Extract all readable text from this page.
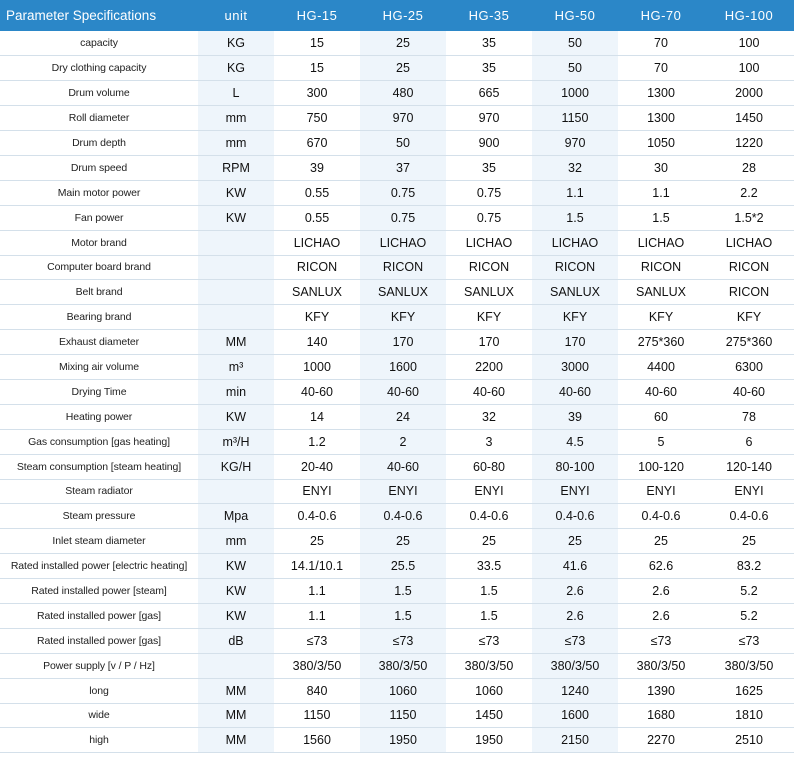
Parameter Specifications	unit	HG-15	HG-25	HG-35	HG-50	HG-70	HG-100
capacity	KG	15	25	35	50	70	100
Dry clothing capacity	KG	15	25	35	50	70	100
Drum volume	L	300	480	665	1000	1300	2000
Roll diameter	mm	750	970	970	1150	1300	1450
Drum depth	mm	670	50	900	970	1050	1220
Drum speed	RPM	39	37	35	32	30	28
Main motor power	KW	0.55	0.75	0.75	1.1	1.1	2.2
Fan power	KW	0.55	0.75	0.75	1.5	1.5	1.5*2
Motor brand		LICHAO	LICHAO	LICHAO	LICHAO	LICHAO	LICHAO
Computer board brand		RICON	RICON	RICON	RICON	RICON	RICON
Belt brand		SANLUX	SANLUX	SANLUX	SANLUX	SANLUX	RICON
Bearing brand		KFY	KFY	KFY	KFY	KFY	KFY
Exhaust diameter	MM	140	170	170	170	275*360	275*360
Mixing air volume	m³	1000	1600	2200	3000	4400	6300
Drying Time	min	40-60	40-60	40-60	40-60	40-60	40-60
Heating power	KW	14	24	32	39	60	78
Gas consumption [gas heating]	m³/H	1.2	2	3	4.5	5	6
Steam consumption [steam heating]	KG/H	20-40	40-60	60-80	80-100	100-120	120-140
Steam radiator		ENYI	ENYI	ENYI	ENYI	ENYI	ENYI
Steam pressure	Mpa	0.4-0.6	0.4-0.6	0.4-0.6	0.4-0.6	0.4-0.6	0.4-0.6
Inlet steam diameter	mm	25	25	25	25	25	25
Rated installed power [electric heating]	KW	14.1/10.1	25.5	33.5	41.6	62.6	83.2
Rated installed power [steam]	KW	1.1	1.5	1.5	2.6	2.6	5.2
Rated installed power [gas]	KW	1.1	1.5	1.5	2.6	2.6	5.2
Rated installed power [gas]	dB	≤73	≤73	≤73	≤73	≤73	≤73
Power supply [v / P / Hz]		380/3/50	380/3/50	380/3/50	380/3/50	380/3/50	380/3/50
long	MM	840	1060	1060	1240	1390	1625
wide	MM	1150	1150	1450	1600	1680	1810
high	MM	1560	1950	1950	2150	2270	2510
